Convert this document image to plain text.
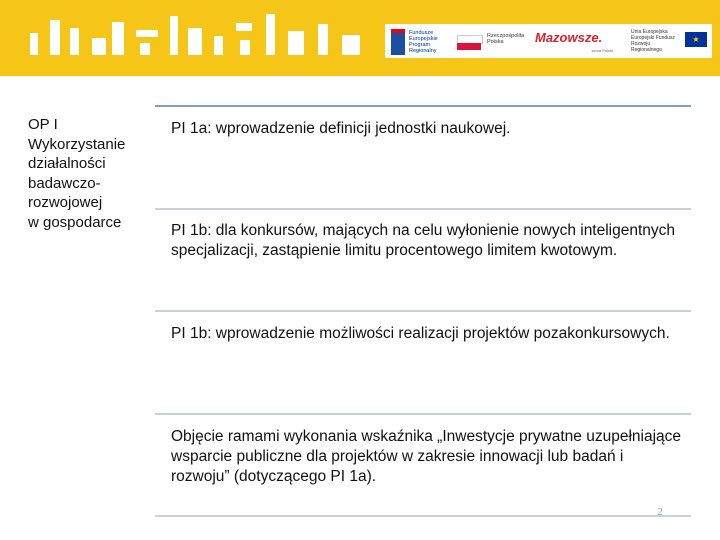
Fundusze Europejskie Program Regionalny
Rzeczpospolita Polska	Mazowsze.
serce Polski
Unia Europejska Europejski Fundusz Rozwoju Regionalnego
★
OP I
Wykorzystanie
działalności
badawczo-
rozwojowej
w gospodarce
PI 1a: wprowadzenie definicji jednostki naukowej.
PI 1b: dla konkursów, mających na celu wyłonienie nowych inteligentnych specjalizacji, zastąpienie limitu procentowego limitem kwotowym.
PI 1b: wprowadzenie możliwości realizacji projektów pozakonkursowych.
Objęcie ramami wykonania wskaźnika „Inwestycje prywatne uzupełniające wsparcie publiczne dla projektów w zakresie innowacji lub badań i rozwoju” (dotyczącego PI 1a).
2
